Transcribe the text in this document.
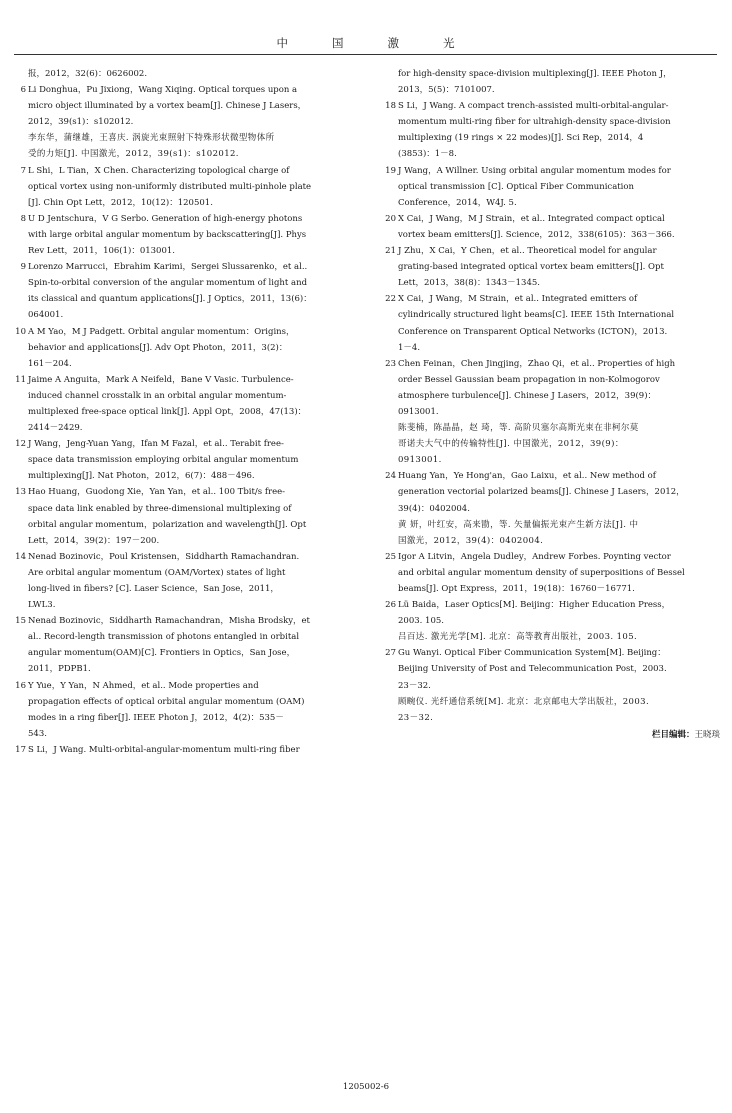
中国激光
报，2012，32(6)：0626002.
6 Li Donghua，Pu Jixiong，Wang Xiqing. Optical torques upon a
micro object illuminated by a vortex beam[J]. Chinese J Lasers，
2012，39(s1)：s102012.
李东华，蒲继雄，王喜庆. 涡旋光束照射下特殊形状微型物体所
受的力矩[J]. 中国激光，2012，39(s1)：s102012.
7 L Shi，L Tian，X Chen. Characterizing topological charge of
optical vortex using non-uniformly distributed multi-pinhole plate
[J]. Chin Opt Lett，2012，10(12)：120501.
8 U D Jentschura，V G Serbo. Generation of high-energy photons
with large orbital angular momentum by backscattering[J]. Phys
Rev Lett，2011，106(1)：013001.
9 Lorenzo Marrucci，Ebrahim Karimi，Sergei Slussarenko，et al..
Spin-to-orbital conversion of the angular momentum of light and
its classical and quantum applications[J]. J Optics，2011，13(6)：
064001.
10 A M Yao，M J Padgett. Orbital angular momentum：Origins，
behavior and applications[J]. Adv Opt Photon，2011，3(2)：
161－204.
11 Jaime A Anguita，Mark A Neifeld，Bane V Vasic. Turbulence-
induced channel crosstalk in an orbital angular momentum-
multiplexed free-space optical link[J]. Appl Opt，2008，47(13)：
2414－2429.
12 J Wang，Jeng-Yuan Yang，Ifan M Fazal，et al.. Terabit free-
space data transmission employing orbital angular momentum
multiplexing[J]. Nat Photon，2012，6(7)：488－496.
13 Hao Huang，Guodong Xie，Yan Yan，et al.. 100 Tbit/s free-
space data link enabled by three-dimensional multiplexing of
orbital angular momentum，polarization and wavelength[J]. Opt
Lett，2014，39(2)：197－200.
14 Nenad Bozinovic，Poul Kristensen，Siddharth Ramachandran.
Are orbital angular momentum (OAM/Vortex) states of light
long-lived in fibers? [C]. Laser Science，San Jose，2011，
LWL3.
15 Nenad Bozinovic，Siddharth Ramachandran，Misha Brodsky，et
al.. Record-length transmission of photons entangled in orbital
angular momentum(OAM)[C]. Frontiers in Optics，San Jose，
2011，PDPB1.
16 Y Yue，Y Yan，N Ahmed，et al.. Mode properties and
propagation effects of optical orbital angular momentum (OAM)
modes in a ring fiber[J]. IEEE Photon J，2012，4(2)：535－
543.
17 S Li，J Wang. Multi-orbital-angular-momentum multi-ring fiber
for high-density space-division multiplexing[J]. IEEE Photon J，
2013，5(5)：7101007.
18 S Li，J Wang. A compact trench-assisted multi-orbital-angular-
momentum multi-ring fiber for ultrahigh-density space-division
multiplexing (19 rings × 22 modes)[J]. Sci Rep，2014，4
(3853)：1－8.
19 J Wang，A Willner. Using orbital angular momentum modes for
optical transmission [C]. Optical Fiber Communication
Conference，2014，W4J. 5.
20 X Cai，J Wang，M J Strain，et al.. Integrated compact optical
vortex beam emitters[J]. Science，2012，338(6105)：363－366.
21 J Zhu，X Cai，Y Chen，et al.. Theoretical model for angular
grating-based integrated optical vortex beam emitters[J]. Opt
Lett，2013，38(8)：1343－1345.
22 X Cai，J Wang，M Strain，et al.. Integrated emitters of
cylindrically structured light beams[C]. IEEE 15th International
Conference on Transparent Optical Networks (ICTON)，2013.
1－4.
23 Chen Feinan，Chen Jingjing，Zhao Qi，et al.. Properties of high
order Bessel Gaussian beam propagation in non-Kolmogorov
atmosphere turbulence[J]. Chinese J Lasers，2012，39(9)：
0913001.
陈斐楠，陈晶晶，赵 琦，等. 高阶贝塞尔高斯光束在非柯尔莫
哥诺夫大气中的传输特性[J]. 中国激光，2012，39(9)：
0913001.
24 Huang Yan，Ye Hong'an，Gao Laixu，et al.. New method of
generation vectorial polarized beams[J]. Chinese J Lasers，2012，
39(4)：0402004.
黄 妍，叶红安，高来勖，等. 矢量偏振光束产生新方法[J]. 中
国激光，2012，39(4)：0402004.
25 Igor A Litvin，Angela Dudley，Andrew Forbes. Poynting vector
and orbital angular momentum density of superpositions of Bessel
beams[J]. Opt Express，2011，19(18)：16760－16771.
26 Lü Baida，Laser Optics[M]. Beijing：Higher Education Press，
2003. 105.
吕百达. 激光光学[M]. 北京：高等教育出版社，2003. 105.
27 Gu Wanyi. Optical Fiber Communication System[M]. Beijing：
Beijing University of Post and Telecommunication Post，2003.
23－32.
顾畹仪. 光纤通信系统[M]. 北京：北京邮电大学出版社，2003.
23－32.
栏目编辑：王晓琰
1205002-6
